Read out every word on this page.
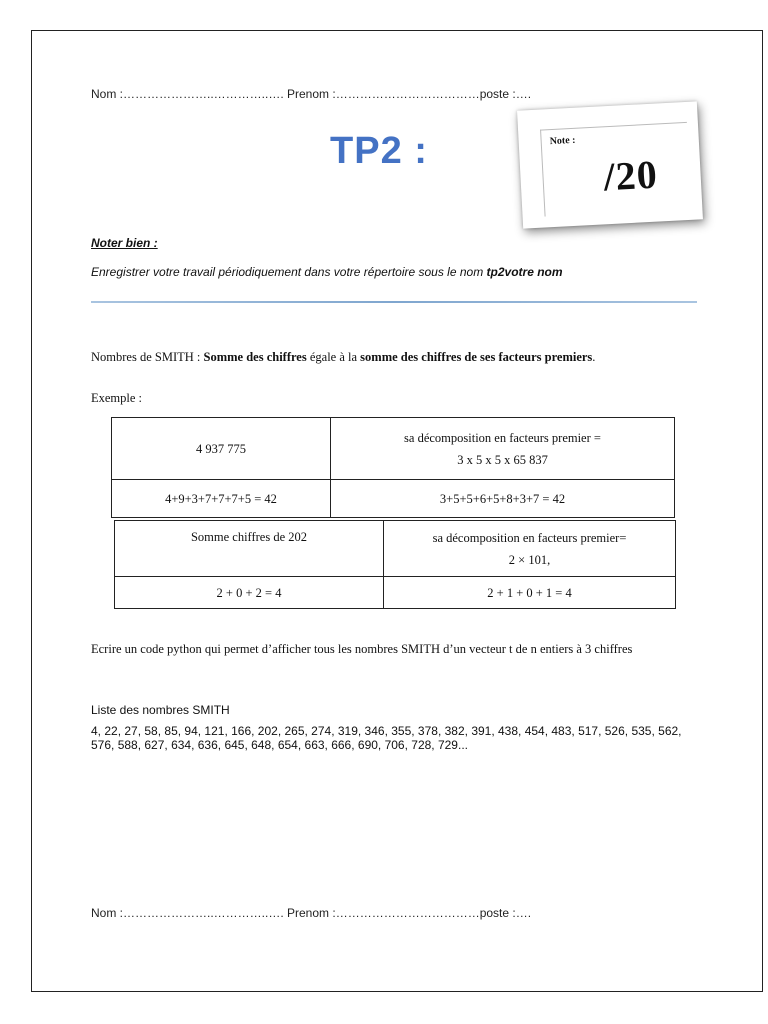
Nom :…………………..…………..…. Prenom :………………………………poste :….
TP2 :	Note :
/20
Noter bien :
Enregistrer votre travail périodiquement dans votre répertoire sous le nom tp2votre nom
Nombres de SMITH : Somme des chiffres égale à la somme des chiffres de ses facteurs premiers.
Exemple :
4 937 775	sa décomposition en facteurs premier =
3 x 5 x 5 x 65 837

4+9+3+7+7+7+5 = 42	3+5+5+6+5+8+3+7 = 42
Somme chiffres de 202	sa décomposition en facteurs premier=
2 × 101,

2 + 0 + 2 = 4	2 + 1 + 0 + 1 = 4
Ecrire un code python qui permet d’afficher tous les nombres SMITH d’un vecteur t de n entiers à 3 chiffres
Liste des nombres SMITH
4, 22, 27, 58, 85, 94, 121, 166, 202, 265, 274, 319, 346, 355, 378, 382, 391, 438, 454, 483, 517, 526, 535, 562, 576, 588, 627, 634, 636, 645, 648, 654, 663, 666, 690, 706, 728, 729...
Nom :…………………..…………..…. Prenom :………………………………poste :….
